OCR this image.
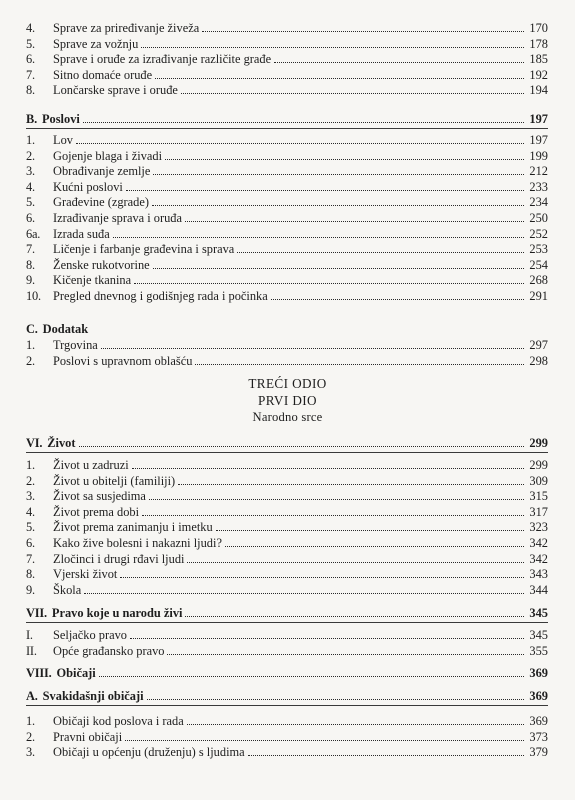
4.	Sprave za priređivanje živeža	170
5.	Sprave za vožnju	178
6.	Sprave i oruđe za izrađivanje različite građe	185
7.	Sitno domaće oruđe	192
8.	Lončarske sprave i oruđe	194
B. Poslovi	197
1.	Lov	197
2.	Gojenje blaga i živadi	199
3.	Obrađivanje zemlje	212
4.	Kućni poslovi	233
5.	Građevine (zgrade)	234
6.	Izrađivanje sprava i oruđa	250
6a.	Izrada suđa	252
7.	Ličenje i farbanje građevina i sprava	253
8.	Ženske rukotvorine	254
9.	Kičenje tkanina	268
10. Pregled dnevnog i godišnjeg rada i počinka	291
C. Dodatak
1.	Trgovina	297
2.	Poslovi s upravnom oblašću	298
TREĆI ODIO
PRVI DIO
Narodno srce
VI. Život	299
1.	Život u zadruzi	299
2.	Život u obitelji (familiji)	309
3.	Život sa susjedima	315
4.	Život prema dobi	317
5.	Život prema zanimanju i imetku	323
6.	Kako žive bolesni i nakazni ljudi?	342
7.	Zločinci i drugi rđavi ljudi	342
8.	Vjerski život	343
9.	Škola	344
VII. Pravo koje u narodu živi	345
I.	Seljačko pravo	345
II.	Opće građansko pravo	355
VIII. Običaji	369
A. Svakidašnji običaji	369
1.	Običaji kod poslova i rada	369
2.	Pravni običaji	373
3.	Običaji u općenju (druženju) s ljudima	379
